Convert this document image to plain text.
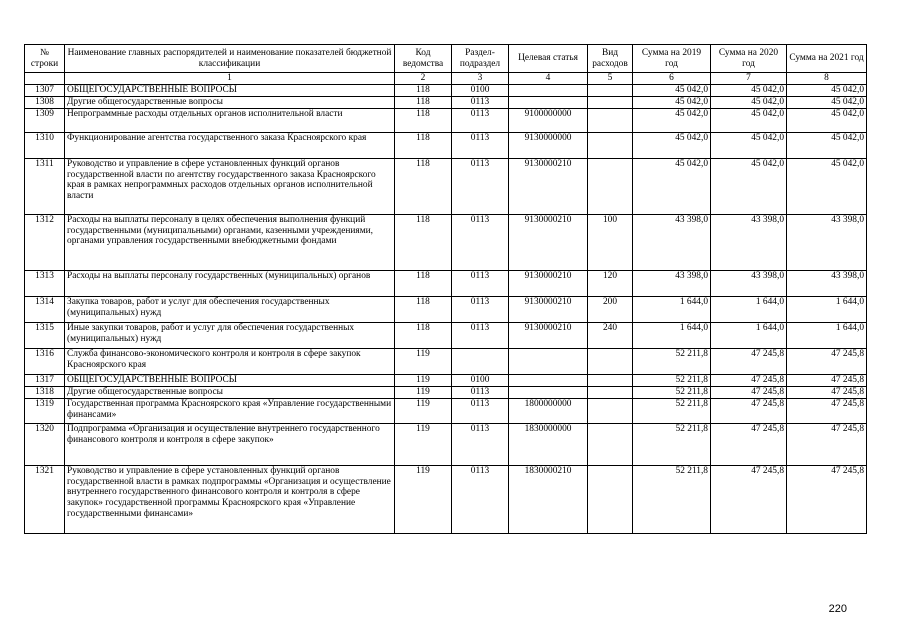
№ строки	Наименование главных распорядителей и наименование показателей бюджетной классификации	Код ведомства	Раздел-подраздел	Целевая статья	Вид расходов	Сумма на 2019 год	Сумма на 2020 год	Сумма на 2021 год
	1	2	3	4	5	6	7	8
1307	ОБЩЕГОСУДАРСТВЕННЫЕ ВОПРОСЫ	118	0100			45 042,0	45 042,0	45 042,0
1308	Другие общегосударственные вопросы	118	0113			45 042,0	45 042,0	45 042,0
1309	Непрограммные расходы отдельных органов исполнительной власти	118	0113	9100000000		45 042,0	45 042,0	45 042,0
1310	Функционирование агентства государственного заказа Красноярского края	118	0113	9130000000		45 042,0	45 042,0	45 042,0
1311	Руководство и управление в сфере установленных функций органов государственной власти по агентству государственного заказа Красноярского края в рамках непрограммных расходов отдельных органов исполнительной власти	118	0113	9130000210		45 042,0	45 042,0	45 042,0
1312	Расходы на выплаты персоналу в целях обеспечения выполнения функций государственными (муниципальными) органами, казенными учреждениями, органами управления государственными внебюджетными фондами	118	0113	9130000210	100	43 398,0	43 398,0	43 398,0
1313	Расходы на выплаты персоналу государственных (муниципальных) органов	118	0113	9130000210	120	43 398,0	43 398,0	43 398,0
1314	Закупка товаров, работ и услуг для обеспечения государственных (муниципальных) нужд	118	0113	9130000210	200	1 644,0	1 644,0	1 644,0
1315	Иные закупки товаров, работ и услуг для обеспечения государственных (муниципальных) нужд	118	0113	9130000210	240	1 644,0	1 644,0	1 644,0
1316	Служба финансово-экономического контроля и контроля в сфере закупок Красноярского края	119				52 211,8	47 245,8	47 245,8
1317	ОБЩЕГОСУДАРСТВЕННЫЕ ВОПРОСЫ	119	0100			52 211,8	47 245,8	47 245,8
1318	Другие общегосударственные вопросы	119	0113			52 211,8	47 245,8	47 245,8
1319	Государственная программа Красноярского края «Управление государственными финансами»	119	0113	1800000000		52 211,8	47 245,8	47 245,8
1320	Подпрограмма «Организация и осуществление внутреннего государственного финансового контроля и контроля в сфере закупок»	119	0113	1830000000		52 211,8	47 245,8	47 245,8
1321	Руководство и управление в сфере установленных функций органов государственной власти в рамках подпрограммы «Организация и осуществление внутреннего государственного финансового контроля и контроля в сфере закупок» государственной программы Красноярского края «Управление государственными финансами»	119	0113	1830000210		52 211,8	47 245,8	47 245,8
220
